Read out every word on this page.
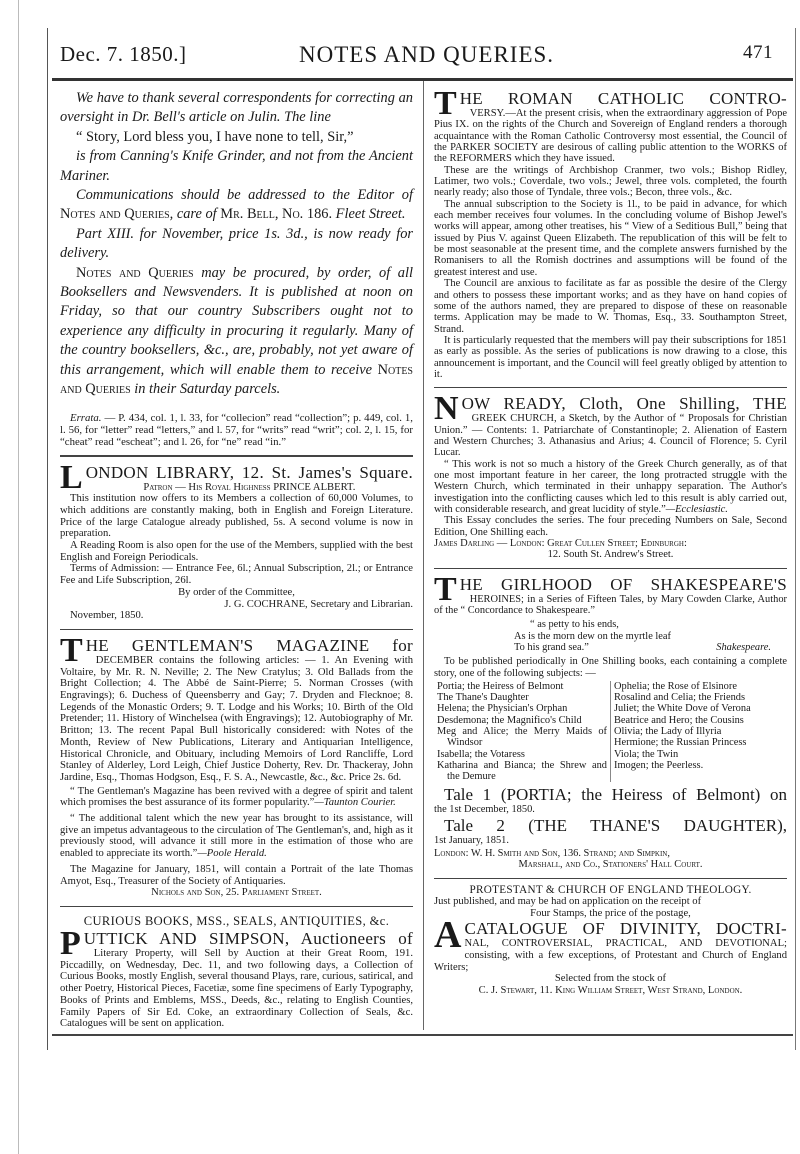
Dec. 7. 1850.]	NOTES AND QUERIES.	471

We have to thank several correspondents for correcting an oversight in Dr. Bell's article on Julin. The line

“ Story, Lord bless you, I have none to tell, Sir,”

is from Canning's Knife Grinder, and not from the Ancient Mariner.

Communications should be addressed to the Editor of Notes and Queries, care of Mr. Bell, No. 186. Fleet Street.

Part XIII. for November, price 1s. 3d., is now ready for delivery.

Notes and Queries may be procured, by order, of all Booksellers and Newsvenders. It is published at noon on Friday, so that our country Subscribers ought not to experience any difficulty in procuring it regularly. Many of the country booksellers, &c., are, probably, not yet aware of this arrangement, which will enable them to receive Notes and Queries in their Saturday parcels.

Errata. — P. 434, col. 1, l. 33, for “collecion” read “collection”; p. 449, col. 1, l. 56, for “letter” read “letters,” and l. 57, for “writs” read “writ”; col. 2, l. 15, for “cheat” read “escheat”; and l. 26, for “ne” read “in.”

L ONDON LIBRARY, 12. St. James's Square.

Patron — His Royal Highness PRINCE ALBERT.

This institution now offers to its Members a collection of 60,000 Volumes, to which additions are constantly making, both in English and Foreign Literature. Price of the large Catalogue already published, 5s. A second volume is now in preparation.

A Reading Room is also open for the use of the Members, supplied with the best English and Foreign Periodicals.

Terms of Admission: — Entrance Fee, 6l.; Annual Subscription, 2l.; or Entrance Fee and Life Subscription, 26l.

By order of the Committee,

J. G. COCHRANE, Secretary and Librarian.

November, 1850.

T HE GENTLEMAN'S MAGAZINE for

DECEMBER contains the following articles: — 1. An Evening with Voltaire, by Mr. R. N. Neville; 2. The New Cratylus; 3. Old Ballads from the Bright Collection; 4. The Abbé de Saint-Pierre; 5. Norman Crosses (with Engravings); 6. Duchess of Queensberry and Gay; 7. Dryden and Flecknoe; 8. Legends of the Monastic Orders; 9. T. Lodge and his Works; 10. Birth of the Old Pretender; 11. History of Winchelsea (with Engravings); 12. Autobiography of Mr. Britton; 13. The recent Papal Bull historically considered: with Notes of the Month, Review of New Publications, Literary and Antiquarian Intelligence, Historical Chronicle, and Obituary, including Memoirs of Lord Rancliffe, Lord Stanley of Alderley, Lord Leigh, Chief Justice Doherty, Rev. Dr. Thackeray, John Jardine, Esq., Thomas Hodgson, Esq., F. S. A., Newcastle, &c., &c. Price 2s. 6d.

“ The Gentleman's Magazine has been revived with a degree of spirit and talent which promises the best assurance of its former popularity.”—Taunton Courier.

“ The additional talent which the new year has brought to its assistance, will give an impetus advantageous to the circulation of The Gentleman's, and, high as it previously stood, will advance it still more in the estimation of those who are enabled to appreciate its worth.”—Poole Herald.

The Magazine for January, 1851, will contain a Portrait of the late Thomas Amyot, Esq., Treasurer of the Society of Antiquaries.

Nichols and Son, 25. Parliament Street.

CURIOUS BOOKS, MSS., SEALS, ANTIQUITIES, &c.

P UTTICK AND SIMPSON, Auctioneers of

Literary Property, will Sell by Auction at their Great Room, 191. Piccadilly, on Wednesday, Dec. 11, and two following days, a Collection of Curious Books, mostly English, several thousand Plays, rare, curious, satirical, and other Poetry, Historical Pieces, Facetiæ, some fine specimens of Early Typography, Books of Prints and Emblems, MSS., Deeds, &c., relating to English Counties, Family Papers of Sir Ed. Coke, an extraordinary Collection of Seals, &c. Catalogues will be sent on application.

T HE ROMAN CATHOLIC CONTRO-

VERSY.—At the present crisis, when the extraordinary aggression of Pope Pius IX. on the rights of the Church and Sovereign of England renders a thorough acquaintance with the Roman Catholic Controversy most essential, the Council of the PARKER SOCIETY are desirous of calling public attention to the WORKS of the REFORMERS which they have issued.

These are the writings of Archbishop Cranmer, two vols.; Bishop Ridley, Latimer, two vols.; Coverdale, two vols.; Jewel, three vols. completed, the fourth nearly ready; also those of Tyndale, three vols.; Becon, three vols., &c.

The annual subscription to the Society is 1l., to be paid in advance, for which each member receives four volumes. In the concluding volume of Bishop Jewel's works will appear, among other treatises, his “ View of a Seditious Bull,” being that issued by Pius V. against Queen Elizabeth. The republication of this will be felt to be most seasonable at the present time, and the complete answers furnished by the Romanisers to all the Romish doctrines and assumptions will be found of the greatest interest and use.

The Council are anxious to facilitate as far as possible the desire of the Clergy and others to possess these important works; and as they have on hand copies of some of the authors named, they are prepared to dispose of these on reasonable terms. Application may be made to W. Thomas, Esq., 33. Southampton Street, Strand.

It is particularly requested that the members will pay their subscriptions for 1851 as early as possible. As the series of publications is now drawing to a close, this announcement is important, and the Council will feel greatly obliged by attention to it.

N OW READY, Cloth, One Shilling, THE

GREEK CHURCH, a Sketch, by the Author of “ Proposals for Christian Union.” — Contents: 1. Patriarchate of Constantinople; 2. Alienation of Eastern and Western Churches; 3. Athanasius and Arius; 4. Council of Florence; 5. Cyril Lucar.

“ This work is not so much a history of the Greek Church generally, as of that one most important feature in her career, the long protracted struggle with the Western Church, which terminated in their unhappy separation. The Author's investigation into the conflicting causes which led to this result is ably carried out, with considerable research, and great lucidity of style.”—Ecclesiastic.

This Essay concludes the series. The four preceding Numbers on Sale, Second Edition, One Shilling each.

James Darling — London: Great Cullen Street; Edinburgh:

12. South St. Andrew's Street.

T HE GIRLHOOD OF SHAKESPEARE'S

HEROINES; in a Series of Fifteen Tales, by Mary Cowden Clarke, Author of the “ Concordance to Shakespeare.”

“ as petty to his ends,
As is the morn dew on the myrtle leaf
To his grand sea.”	Shakespeare.

To be published periodically in One Shilling books, each containing a complete story, one of the following subjects: —

Portia; the Heiress of Belmont
The Thane's Daughter
Helena; the Physician's Orphan
Desdemona; the Magnifico's Child
Meg and Alice; the Merry Maids of Windsor
Isabella; the Votaress
Katharina and Bianca; the Shrew and the Demure
Ophelia; the Rose of Elsinore
Rosalind and Celia; the Friends
Juliet; the White Dove of Verona
Beatrice and Hero; the Cousins
Olivia; the Lady of Illyria
Hermione; the Russian Princess
Viola; the Twin
Imogen; the Peerless.

Tale 1 (PORTIA; the Heiress of Belmont) on

the 1st December, 1850.

Tale 2 (THE THANE'S DAUGHTER),

1st January, 1851.

London: W. H. Smith and Son, 136. Strand; and Simpkin,

Marshall, and Co., Stationers' Hall Court.

PROTESTANT & CHURCH OF ENGLAND THEOLOGY.

Just published, and may be had on application on the receipt of

Four Stamps, the price of the postage,

A CATALOGUE OF DIVINITY, DOCTRI-

NAL, CONTROVERSIAL, PRACTICAL, AND DEVOTIONAL; consisting, with a few exceptions, of Protestant and Church of England Writers;

Selected from the stock of

C. J. Stewart, 11. King William Street, West Strand, London.
